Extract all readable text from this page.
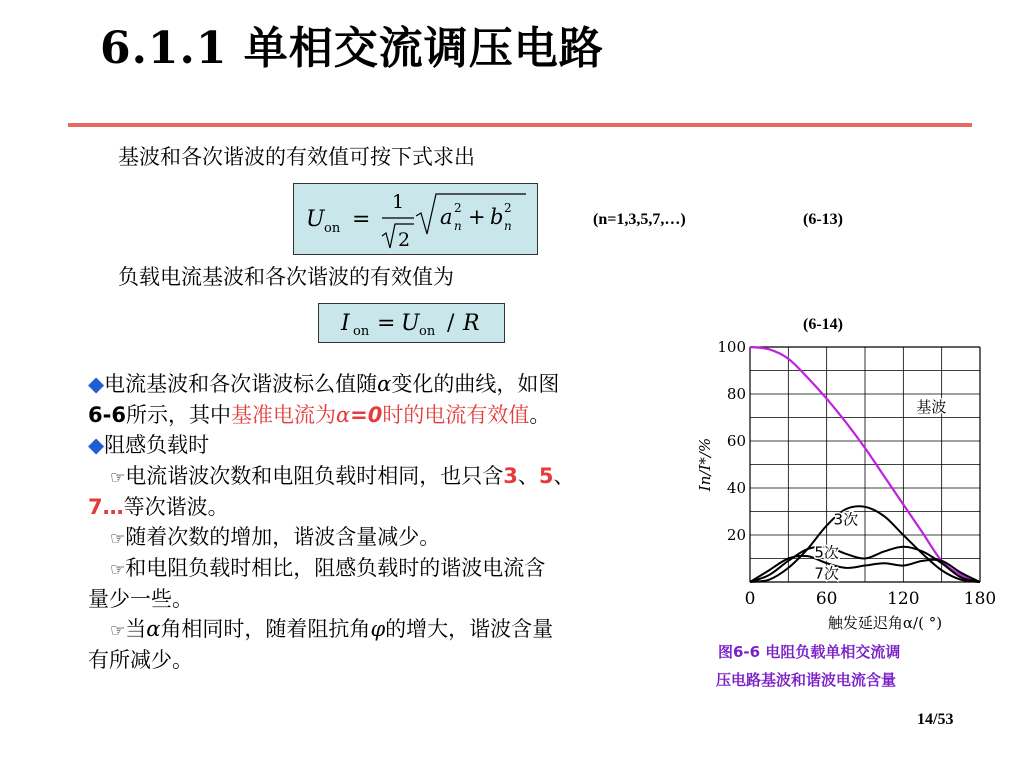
6.1.1 单相交流调压电路
基波和各次谐波的有效值可按下式求出
U on =
1
2
a 2
n + b 2
n	(n=1,3,5,7,…)	(6-13)
负载电流基波和各次谐波的有效值为
I on = U on / R	(6-14)
◆电流基波和各次谐波标么值随α变化的曲线，如图
6-6所示，其中基准电流为α=0时的电流有效值。
◆阻感负载时
☞电流谐波次数和电阻负载时相同，也只含3、5、
7…等次谐波。
☞随着次数的增加，谐波含量减少。
☞和电阻负载时相比，阻感负载时的谐波电流含
量少一些。
☞当α角相同时，随着阻抗角φ的增大，谐波含量
有所减少。
20
40
60
80
100
0	60	120	180
In/I*/%
触发延迟角α/( °)
基波
3次
5次
7次
图6-6 电阻负载单相交流调
压电路基波和谐波电流含量
14/53
